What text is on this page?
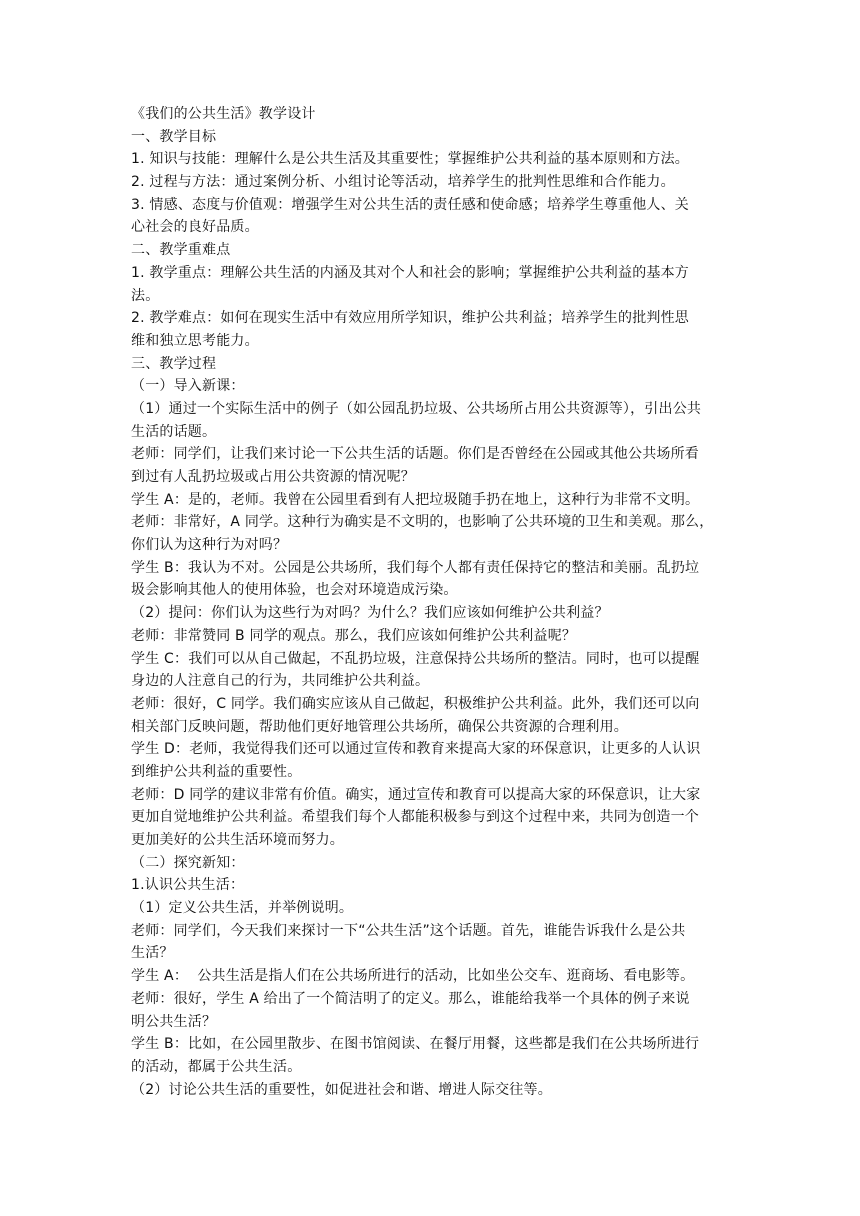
《我们的公共生活》教学设计
一、教学目标
1. 知识与技能：理解什么是公共生活及其重要性；掌握维护公共利益的基本原则和方法。
2. 过程与方法：通过案例分析、小组讨论等活动，培养学生的批判性思维和合作能力。
3. 情感、态度与价值观：增强学生对公共生活的责任感和使命感；培养学生尊重他人、关
心社会的良好品质。
二、教学重难点
1. 教学重点：理解公共生活的内涵及其对个人和社会的影响；掌握维护公共利益的基本方
法。
2. 教学难点：如何在现实生活中有效应用所学知识，维护公共利益；培养学生的批判性思
维和独立思考能力。
三、教学过程
（一）导入新课：
（1）通过一个实际生活中的例子（如公园乱扔垃圾、公共场所占用公共资源等），引出公共
生活的话题。
老师：同学们，让我们来讨论一下公共生活的话题。你们是否曾经在公园或其他公共场所看
到过有人乱扔垃圾或占用公共资源的情况呢？
学生 A：是的，老师。我曾在公园里看到有人把垃圾随手扔在地上，这种行为非常不文明。
老师：非常好，A 同学。这种行为确实是不文明的，也影响了公共环境的卫生和美观。那么，
你们认为这种行为对吗？
学生 B：我认为不对。公园是公共场所，我们每个人都有责任保持它的整洁和美丽。乱扔垃
圾会影响其他人的使用体验，也会对环境造成污染。
（2）提问：你们认为这些行为对吗？为什么？我们应该如何维护公共利益？
老师：非常赞同 B 同学的观点。那么，我们应该如何维护公共利益呢？
学生 C：我们可以从自己做起，不乱扔垃圾，注意保持公共场所的整洁。同时，也可以提醒
身边的人注意自己的行为，共同维护公共利益。
老师：很好，C 同学。我们确实应该从自己做起，积极维护公共利益。此外，我们还可以向
相关部门反映问题，帮助他们更好地管理公共场所，确保公共资源的合理利用。
学生 D：老师，我觉得我们还可以通过宣传和教育来提高大家的环保意识，让更多的人认识
到维护公共利益的重要性。
老师：D 同学的建议非常有价值。确实，通过宣传和教育可以提高大家的环保意识，让大家
更加自觉地维护公共利益。希望我们每个人都能积极参与到这个过程中来，共同为创造一个
更加美好的公共生活环境而努力。
（二）探究新知：
1.认识公共生活：
（1）定义公共生活，并举例说明。
老师：同学们，今天我们来探讨一下“公共生活”这个话题。首先，谁能告诉我什么是公共
生活？
学生 A：  公共生活是指人们在公共场所进行的活动，比如坐公交车、逛商场、看电影等。
老师：很好，学生 A 给出了一个简洁明了的定义。那么，谁能给我举一个具体的例子来说
明公共生活？
学生 B：比如，在公园里散步、在图书馆阅读、在餐厅用餐，这些都是我们在公共场所进行
的活动，都属于公共生活。
（2）讨论公共生活的重要性，如促进社会和谐、增进人际交往等。
